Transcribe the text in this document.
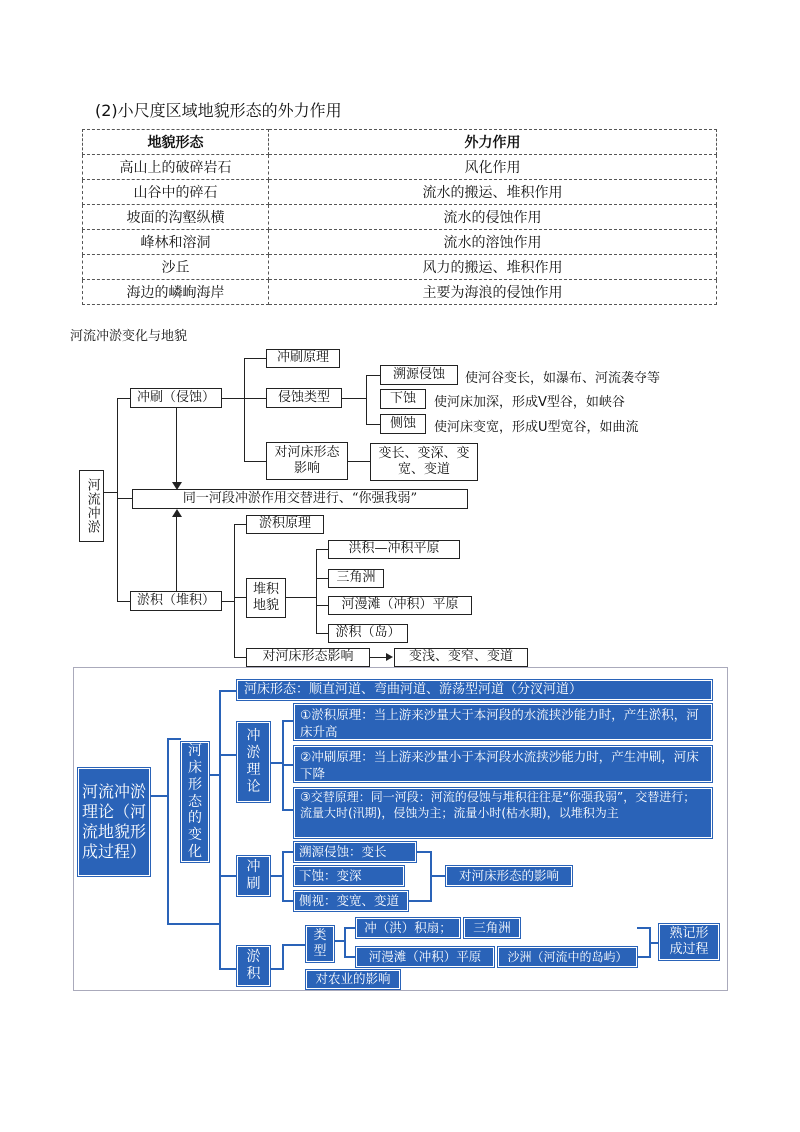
(2)小尺度区域地貌形态的外力作用
地貌形态	外力作用
高山上的破碎岩石	风化作用
山谷中的碎石	流水的搬运、堆积作用
坡面的沟壑纵横	流水的侵蚀作用
峰林和溶洞	流水的溶蚀作用
沙丘	风力的搬运、堆积作用
海边的嶙峋海岸	主要为海浪的侵蚀作用
河流冲淤变化与地貌
河流冲淤
冲刷（侵蚀）
冲刷原理
侵蚀类型
溯源侵蚀	使河谷变长，如瀑布、河流袭夺等
下蚀	使河床加深，形成V型谷，如峡谷
侧蚀	使河床变宽，形成U型宽谷，如曲流
对河床形态影响
变长、变深、变宽、变道
同一河段冲淤作用交替进行、“你强我弱”
淤积（堆积）
淤积原理
堆积地貌
洪积—冲积平原
三角洲
河漫滩（冲积）平原
淤积（岛）
对河床形态影响	变浅、变窄、变道
河流冲淤理论（河流地貌形成过程）
河床形态的变化
河床形态：顺直河道、弯曲河道、游荡型河道（分汊河道）
冲淤理论
①淤积原理：当上游来沙量大于本河段的水流挟沙能力时，产生淤积，河床升高
②冲刷原理：当上游来沙量小于本河段水流挟沙能力时，产生冲刷，河床下降
③交替原理：同一河段：河流的侵蚀与堆积往往是“你强我弱”，交替进行；流量大时(汛期)，侵蚀为主；流量小时(枯水期)，以堆积为主
冲刷
溯源侵蚀：变长
下蚀：变深
侧视：变宽、变道
对河床形态的影响
淤积
类型
冲（洪）积扇；	三角洲
河漫滩（冲积）平原	沙洲（河流中的岛屿）
熟记形成过程
对农业的影响
